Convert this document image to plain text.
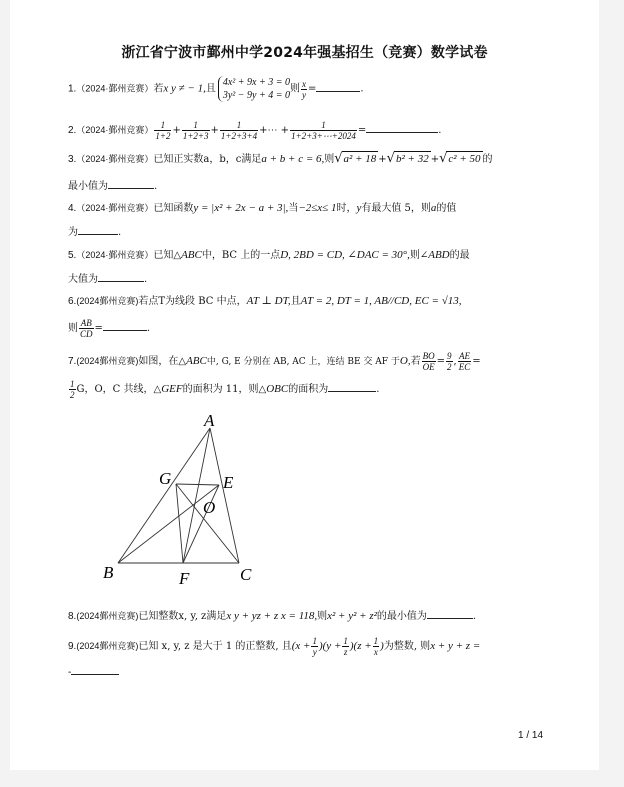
浙江省宁波市鄞州中学2024年强基招生（竞赛）数学试卷
1.（2024·鄞州竞赛）若x y ≠ − 1,且
4x² + 9x + 3 = 0
3y² − 9y + 4 = 0
则 $\frac{x}{y}$ =	.
2.（2024·鄞州竞赛） $\frac{1}{1+2} + \frac{1}{1+2+3} + \frac{1}{1+2+3+4}$ +⋯ + $\frac{1}{1+2+3+\cdots+2024}$ =	.
3.（2024·鄞州竞赛）已知正实数a，b，c满足a + b + c = 6,则√a² + 18 +√b² + 32 +√c² + 50 的
最小值为	.
4.（2024·鄞州竞赛）已知函数y = |x² + 2x − a + 3|,当−2≤x≤ 1时，y有最大值 5，则a的值
为	.
5.（2024·鄞州竞赛）已知△ABC中，BC 上的一点D, 2BD = CD, ∠DAC = 30°,则∠ABD的最
大值为	.
6.(2024鄞州竞赛)若点T为线段 BC 中点，AT ⊥ DT,且AT = 2, DT = 1, AB//CD, EC = √13,
则 $\frac{AB}{CD}$ =	.
7.(2024鄞州竞赛)如图，在△ABC中, G, E 分别在 AB, AC 上，连结 BE 交 AF 于O,若 $\frac{BO}{OE} = \frac{9}{2}$ , $\frac{AE}{EC}$ =
$\frac{1}{2}$ G，O，C 共线，△GEF的面积为 11，则△OBC的面积为	.
A
G	E
O
B	F	C
8.(2024鄞州竞赛)已知整数x, y, z满足x y + yz + z x = 118,则x² + y² + z²的最小值为	.
9.(2024鄞州竞赛)已知 x, y, z 是大于 1 的正整数, 且$(x + \frac{1}{y} )(y + \frac{1}{z} )(z + \frac{1}{x}$ )为整数, 则x + y + z =
-
1 / 14
